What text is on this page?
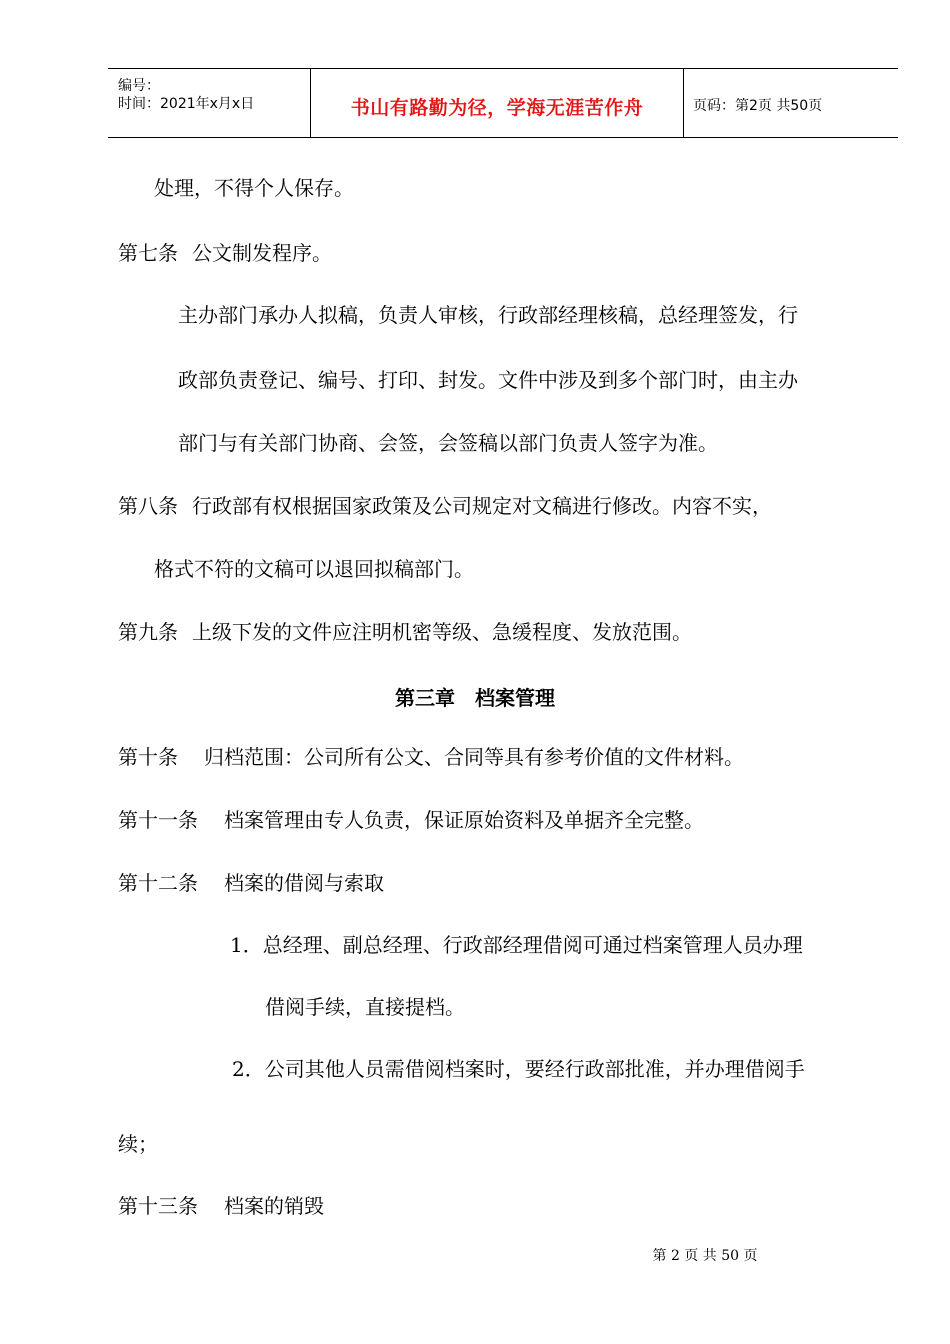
编号：
时间：2021年x月x日	书山有路勤为径，学海无涯苦作舟	页码：第2页 共50页
处理，不得个人保存。
第七条 公文制发程序。
主办部门承办人拟稿，负责人审核，行政部经理核稿，总经理签发，行
政部负责登记、编号、打印、封发。文件中涉及到多个部门时，由主办
部门与有关部门协商、会签，会签稿以部门负责人签字为准。
第八条 行政部有权根据国家政策及公司规定对文稿进行修改。内容不实，
格式不符的文稿可以退回拟稿部门。
第九条 上级下发的文件应注明机密等级、急缓程度、发放范围。
第三章　档案管理
第十条 归档范围：公司所有公文、合同等具有参考价值的文件材料。
第十一条 档案管理由专人负责，保证原始资料及单据齐全完整。
第十二条 档案的借阅与索取
1．总经理、副总经理、行政部经理借阅可通过档案管理人员办理
借阅手续，直接提档。
2．公司其他人员需借阅档案时，要经行政部批准，并办理借阅手
续；
第十三条 档案的销毁
第 2 页 共 50 页
